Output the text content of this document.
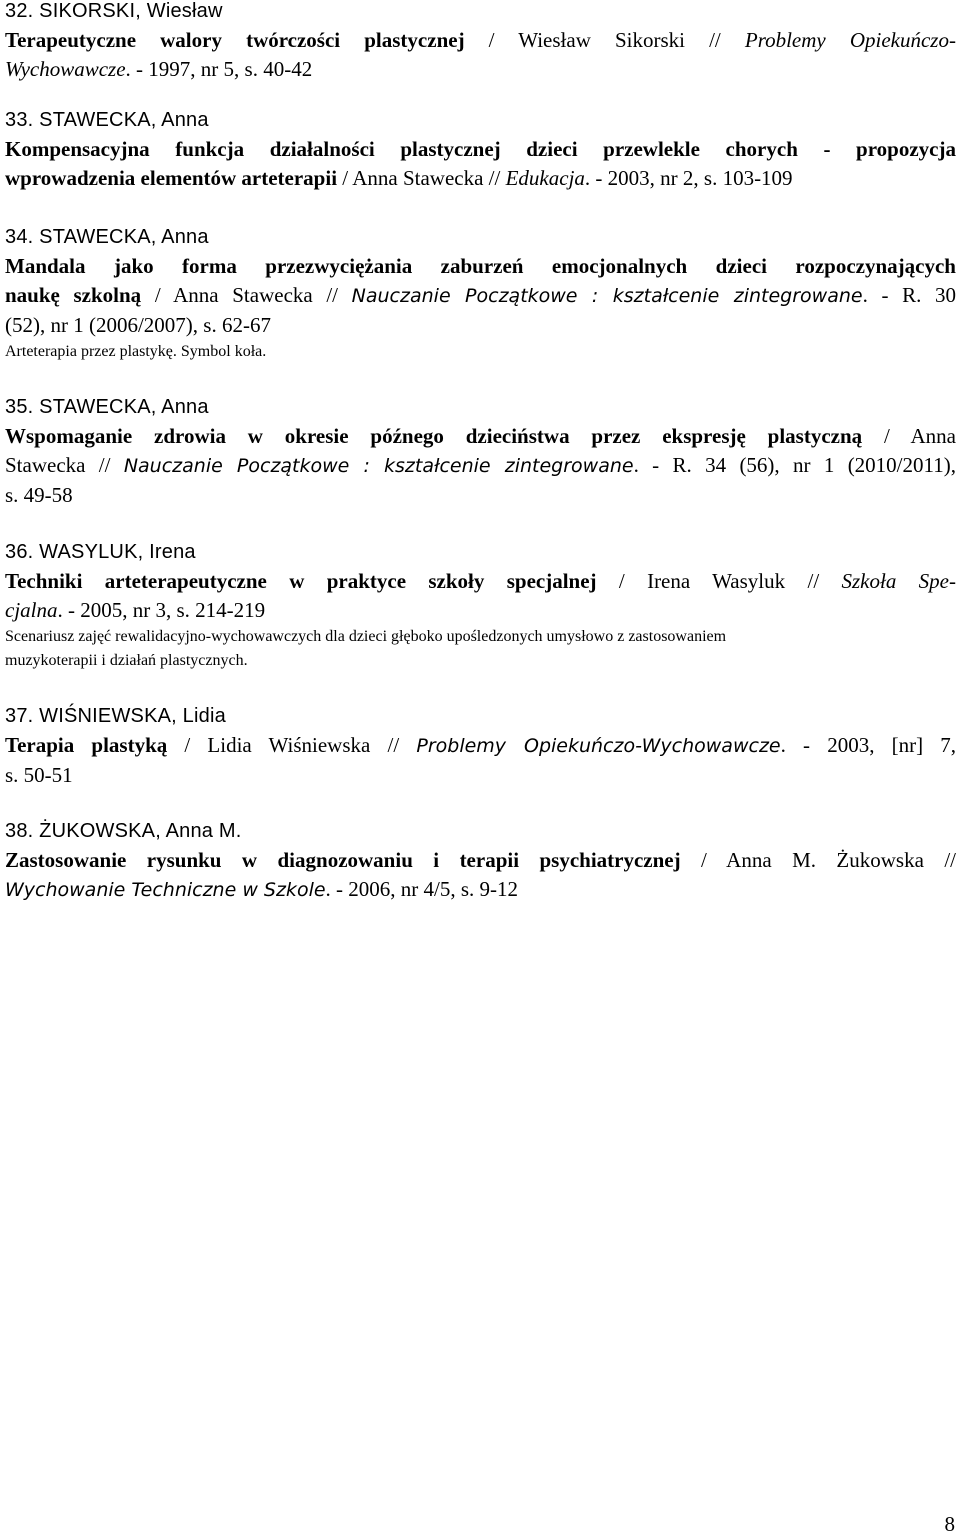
32. SIKORSKI, Wiesław
Terapeutyczne walory twórczości plastycznej / Wiesław Sikorski // Problemy Opiekuńczo-
Wychowawcze. - 1997, nr 5, s. 40-42
33. STAWECKA, Anna
Kompensacyjna funkcja działalności plastycznej dzieci przewlekle chorych - propozycja
wprowadzenia elementów arteterapii / Anna Stawecka // Edukacja. - 2003, nr 2, s. 103-109
34. STAWECKA, Anna
Mandala jako forma przezwyciężania zaburzeń emocjonalnych dzieci rozpoczynających
naukę szkolną / Anna Stawecka // Nauczanie Początkowe : kształcenie zintegrowane. - R. 30
(52), nr 1 (2006/2007), s. 62-67
Arteterapia przez plastykę. Symbol koła.
35. STAWECKA, Anna
Wspomaganie zdrowia w okresie późnego dzieciństwa przez ekspresję plastyczną / Anna
Stawecka // Nauczanie Początkowe : kształcenie zintegrowane. - R. 34 (56), nr 1 (2010/2011),
s. 49-58
36. WASYLUK, Irena
Techniki arteterapeutyczne w praktyce szkoły specjalnej / Irena Wasyluk // Szkoła Spe-
cjalna. - 2005, nr 3, s. 214-219
Scenariusz zajęć rewalidacyjno-wychowawczych dla dzieci głęboko upośledzonych umysłowo z zastosowaniem
muzykoterapii i działań plastycznych.
37. WIŚNIEWSKA, Lidia
Terapia plastyką / Lidia Wiśniewska // Problemy Opiekuńczo-Wychowawcze. - 2003, [nr] 7,
s. 50-51
38. ŻUKOWSKA, Anna M.
Zastosowanie rysunku w diagnozowaniu i terapii psychiatrycznej / Anna M. Żukowska //
Wychowanie Techniczne w Szkole. - 2006, nr 4/5, s. 9-12
8
